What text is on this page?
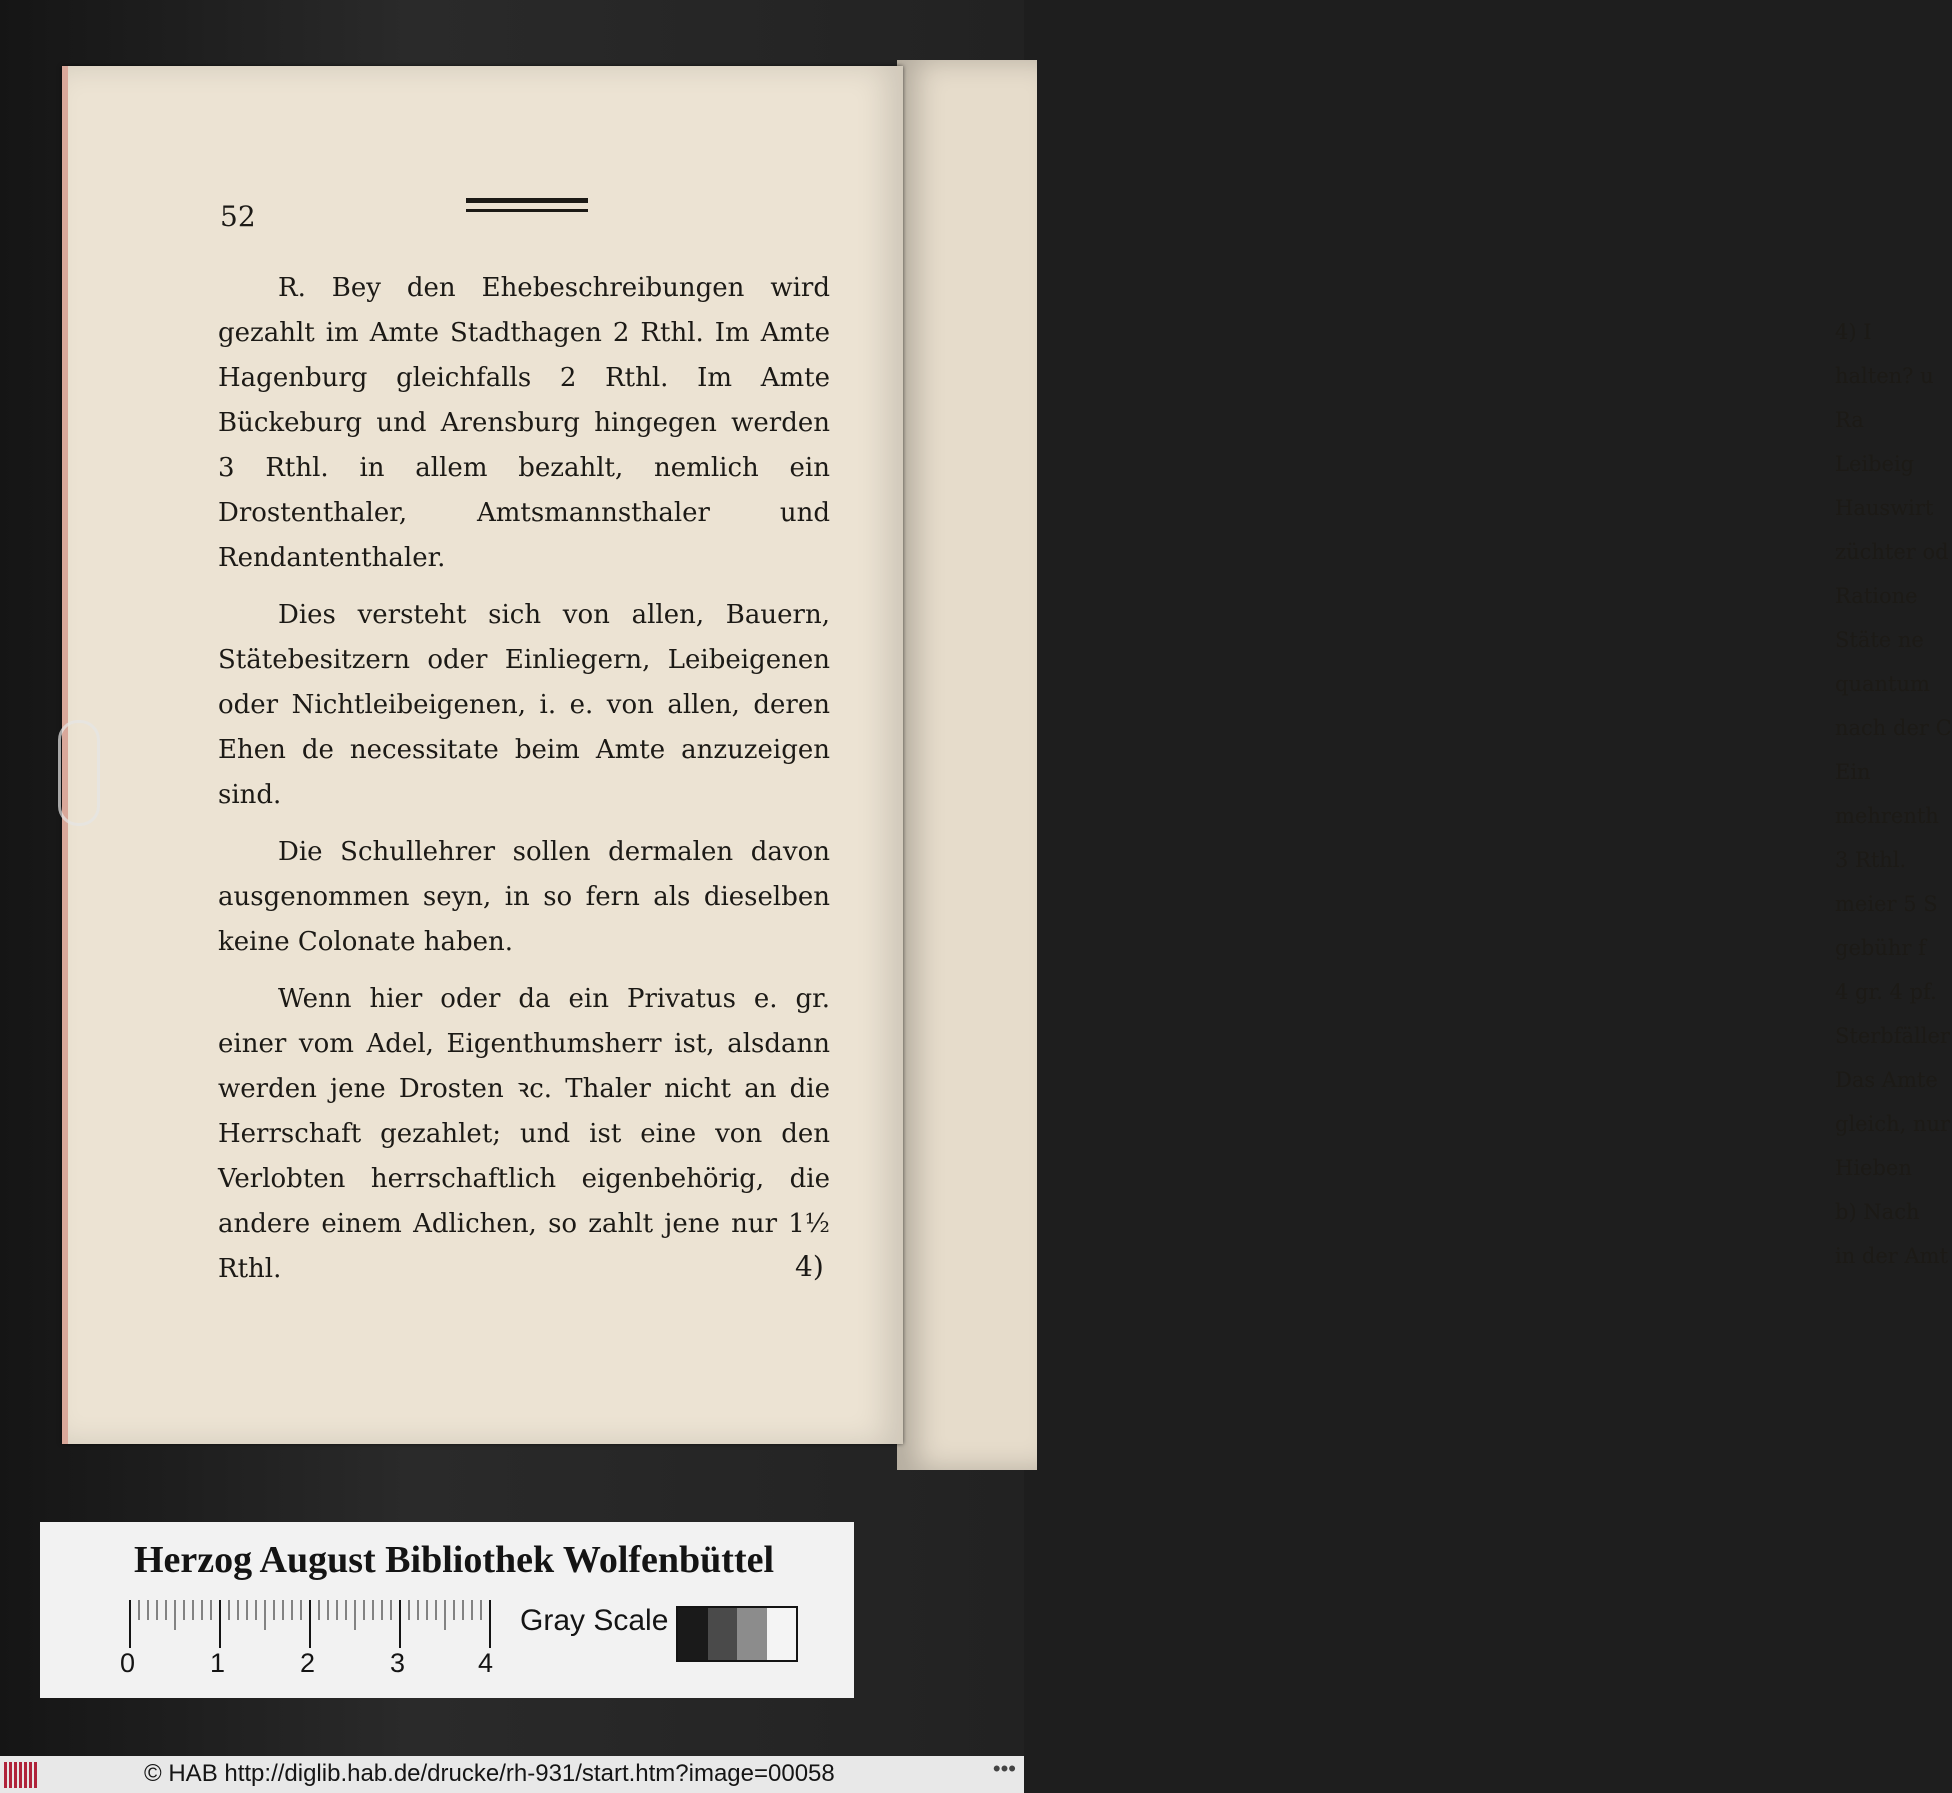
4) I
halten? u
Ra
Leibeig
Hauswirt
züchter od
Ratione
Stäte ne
quantum
nach der C
Ein
mehrenth
3 Rthl.
meier 5 S
gebühr f
4 gr. 4 pf.
Sterbfäller
Das Amte
gleich, nur
Hieben
b) Nach
in der Amt
52

R. Bey den Ehebeschreibungen wird gezahlt im Amte Stadthagen 2 Rthl. Im Amte Hagenburg gleichfalls 2 Rthl. Im Amte Bückeburg und Arensburg hingegen werden 3 Rthl. in allem bezahlt, nemlich ein Drostenthaler, Amtsmannsthaler und Rendantenthaler.

Dies versteht sich von allen, Bauern, Stätebesitzern oder Einliegern, Leibeigenen oder Nichtleibeigenen, i. e. von allen, deren Ehen de necessitate beim Amte anzuzeigen sind.

Die Schullehrer sollen dermalen davon ausgenommen seyn, in so fern als dieselben keine Colonate haben.

Wenn hier oder da ein Privatus e. gr. einer vom Adel, Eigenthumsherr ist, alsdann werden jene Drosten ꝛc. Thaler nicht an die Herrschaft gezahlet; und ist eine von den Verlobten herrschaftlich eigenbehörig, die andere einem Adlichen, so zahlt jene nur 1½ Rthl.	4)
Herzog August Bibliothek Wolfenbüttel
0	1	2	3	4
Gray Scale
© HAB http://diglib.hab.de/drucke/rh-931/start.htm?image=00058	•••
